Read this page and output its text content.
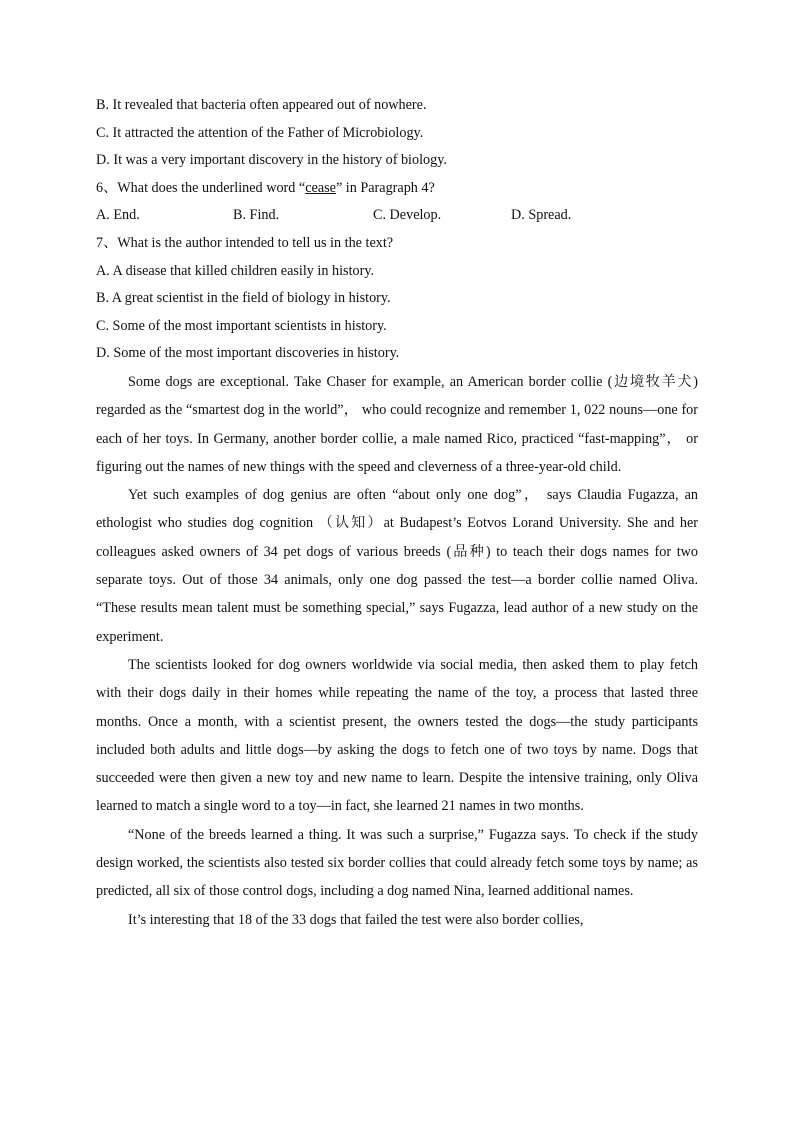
B. It revealed that bacteria often appeared out of nowhere.
C. It attracted the attention of the Father of Microbiology.
D. It was a very important discovery in the history of biology.
6、What does the underlined word “cease” in Paragraph 4?
A. End.	B. Find.	C. Develop.	D. Spread.
7、What is the author intended to tell us in the text?
A. A disease that killed children easily in history.
B. A great scientist in the field of biology in history.
C. Some of the most important scientists in history.
D. Some of the most important discoveries in history.

Some dogs are exceptional. Take Chaser for example, an American border collie (边境牧羊犬) regarded as the “smartest dog in the world”， who could recognize and remember 1, 022 nouns—one for each of her toys. In Germany, another border collie, a male named Rico, practiced “fast-mapping”， or figuring out the names of new things with the speed and cleverness of a three-year-old child.

Yet such examples of dog genius are often “about only one dog”， says Claudia Fugazza, an ethologist who studies dog cognition （认知）at Budapest’s Eotvos Lorand University. She and her colleagues asked owners of 34 pet dogs of various breeds (品种) to teach their dogs names for two separate toys. Out of those 34 animals, only one dog passed the test—a border collie named Oliva. “These results mean talent must be something special,” says Fugazza, lead author of a new study on the experiment.

The scientists looked for dog owners worldwide via social media, then asked them to play fetch with their dogs daily in their homes while repeating the name of the toy, a process that lasted three months. Once a month, with a scientist present, the owners tested the dogs—the study participants included both adults and little dogs—by asking the dogs to fetch one of two toys by name. Dogs that succeeded were then given a new toy and new name to learn. Despite the intensive training, only Oliva learned to match a single word to a toy—in fact, she learned 21 names in two months.

“None of the breeds learned a thing. It was such a surprise,” Fugazza says. To check if the study design worked, the scientists also tested six border collies that could already fetch some toys by name; as predicted, all six of those control dogs, including a dog named Nina, learned additional names.

It’s interesting that 18 of the 33 dogs that failed the test were also border collies,
